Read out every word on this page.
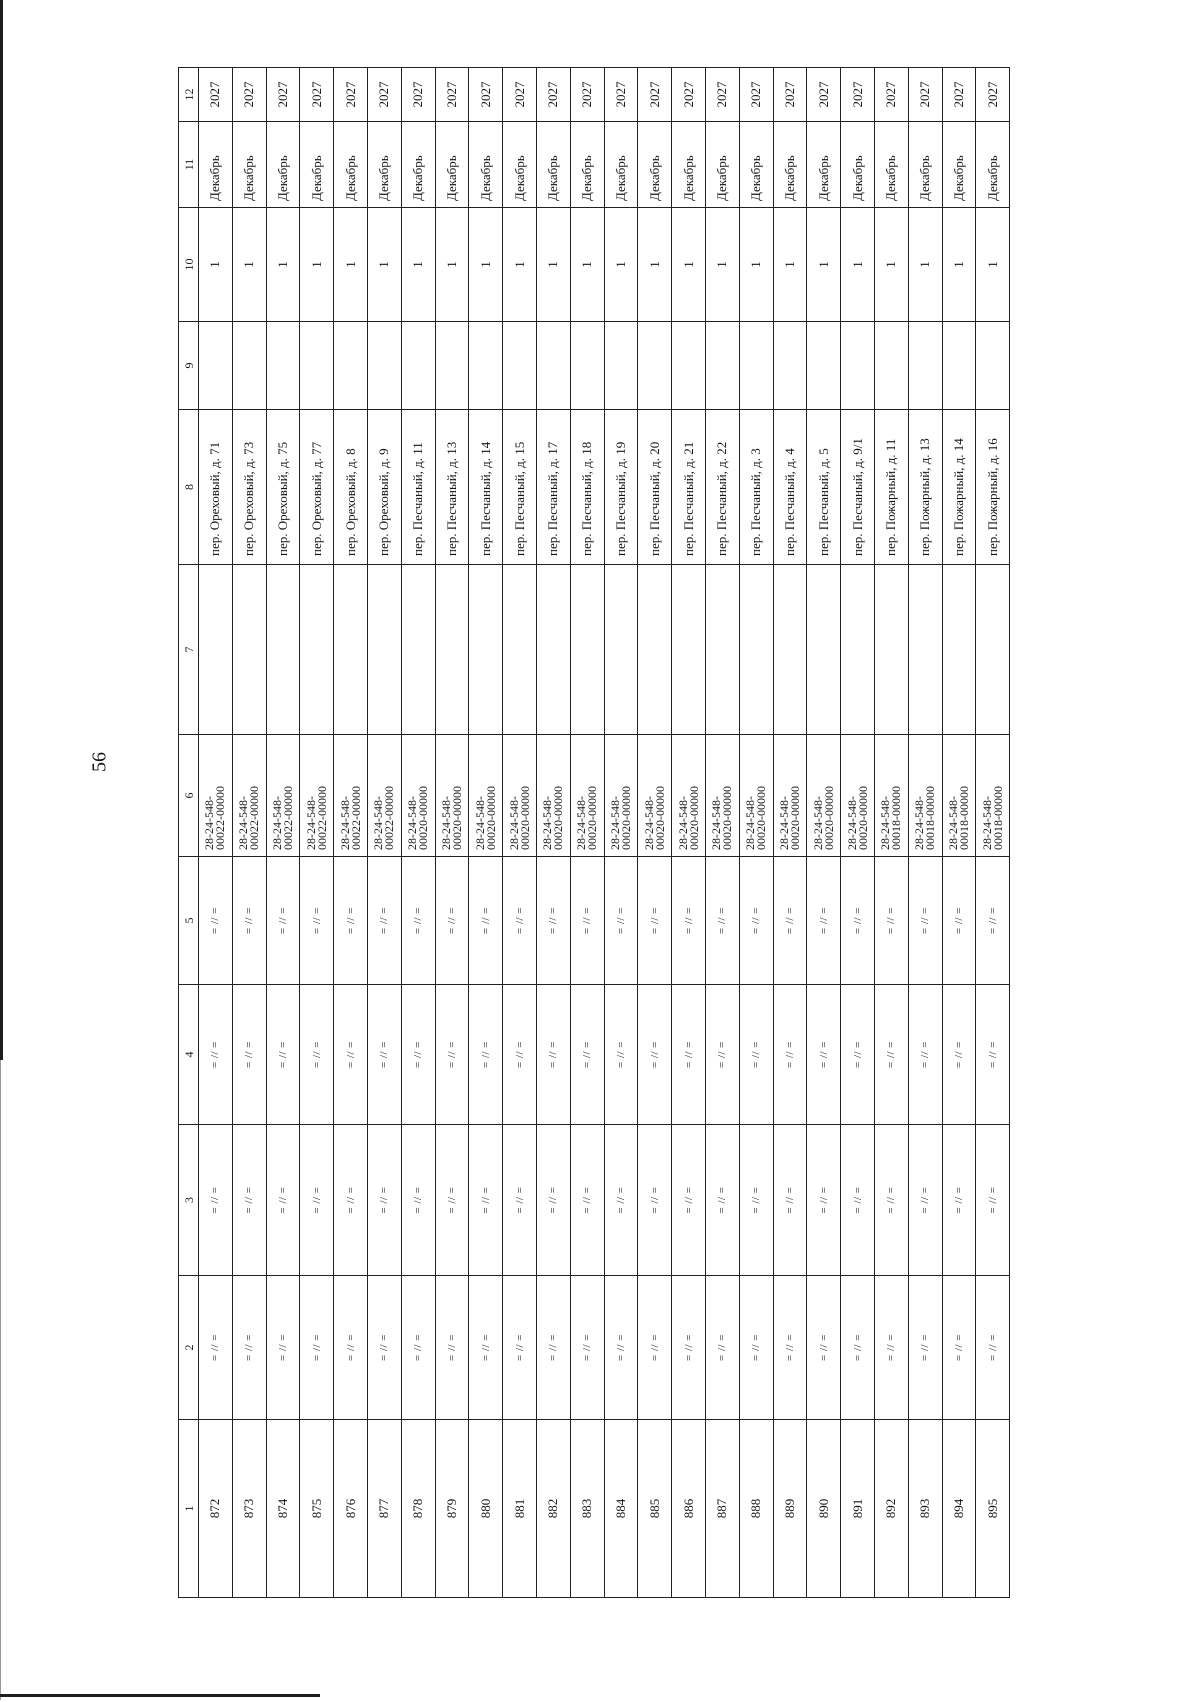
56
1	2	3	4	5	6	7	8	9	10	11	12
872	= // =	= // =	= // =	= // =	28-24-548-
00022-00000		пер. Ореховый, д. 71		1	Декабрь	2027
873	= // =	= // =	= // =	= // =	28-24-548-
00022-00000		пер. Ореховый, д. 73		1	Декабрь	2027
874	= // =	= // =	= // =	= // =	28-24-548-
00022-00000		пер. Ореховый, д. 75		1	Декабрь	2027
875	= // =	= // =	= // =	= // =	28-24-548-
00022-00000		пер. Ореховый, д. 77		1	Декабрь	2027
876	= // =	= // =	= // =	= // =	28-24-548-
00022-00000		пер. Ореховый, д. 8		1	Декабрь	2027
877	= // =	= // =	= // =	= // =	28-24-548-
00022-00000		пер. Ореховый, д. 9		1	Декабрь	2027
878	= // =	= // =	= // =	= // =	28-24-548-
00020-00000		пер. Песчаный, д. 11		1	Декабрь	2027
879	= // =	= // =	= // =	= // =	28-24-548-
00020-00000		пер. Песчаный, д. 13		1	Декабрь	2027
880	= // =	= // =	= // =	= // =	28-24-548-
00020-00000		пер. Песчаный, д. 14		1	Декабрь	2027
881	= // =	= // =	= // =	= // =	28-24-548-
00020-00000		пер. Песчаный, д. 15		1	Декабрь	2027
882	= // =	= // =	= // =	= // =	28-24-548-
00020-00000		пер. Песчаный, д. 17		1	Декабрь	2027
883	= // =	= // =	= // =	= // =	28-24-548-
00020-00000		пер. Песчаный, д. 18		1	Декабрь	2027
884	= // =	= // =	= // =	= // =	28-24-548-
00020-00000		пер. Песчаный, д. 19		1	Декабрь	2027
885	= // =	= // =	= // =	= // =	28-24-548-
00020-00000		пер. Песчаный, д. 20		1	Декабрь	2027
886	= // =	= // =	= // =	= // =	28-24-548-
00020-00000		пер. Песчаный, д. 21		1	Декабрь	2027
887	= // =	= // =	= // =	= // =	28-24-548-
00020-00000		пер. Песчаный, д. 22		1	Декабрь	2027
888	= // =	= // =	= // =	= // =	28-24-548-
00020-00000		пер. Песчаный, д. 3		1	Декабрь	2027
889	= // =	= // =	= // =	= // =	28-24-548-
00020-00000		пер. Песчаный, д. 4		1	Декабрь	2027
890	= // =	= // =	= // =	= // =	28-24-548-
00020-00000		пер. Песчаный, д. 5		1	Декабрь	2027
891	= // =	= // =	= // =	= // =	28-24-548-
00020-00000		пер. Песчаный, д. 9/1		1	Декабрь	2027
892	= // =	= // =	= // =	= // =	28-24-548-
00018-00000		пер. Пожарный, д. 11		1	Декабрь	2027
893	= // =	= // =	= // =	= // =	28-24-548-
00018-00000		пер. Пожарный, д. 13		1	Декабрь	2027
894	= // =	= // =	= // =	= // =	28-24-548-
00018-00000		пер. Пожарный, д. 14		1	Декабрь	2027
895	= // =	= // =	= // =	= // =	28-24-548-
00018-00000		пер. Пожарный, д. 16		1	Декабрь	2027
